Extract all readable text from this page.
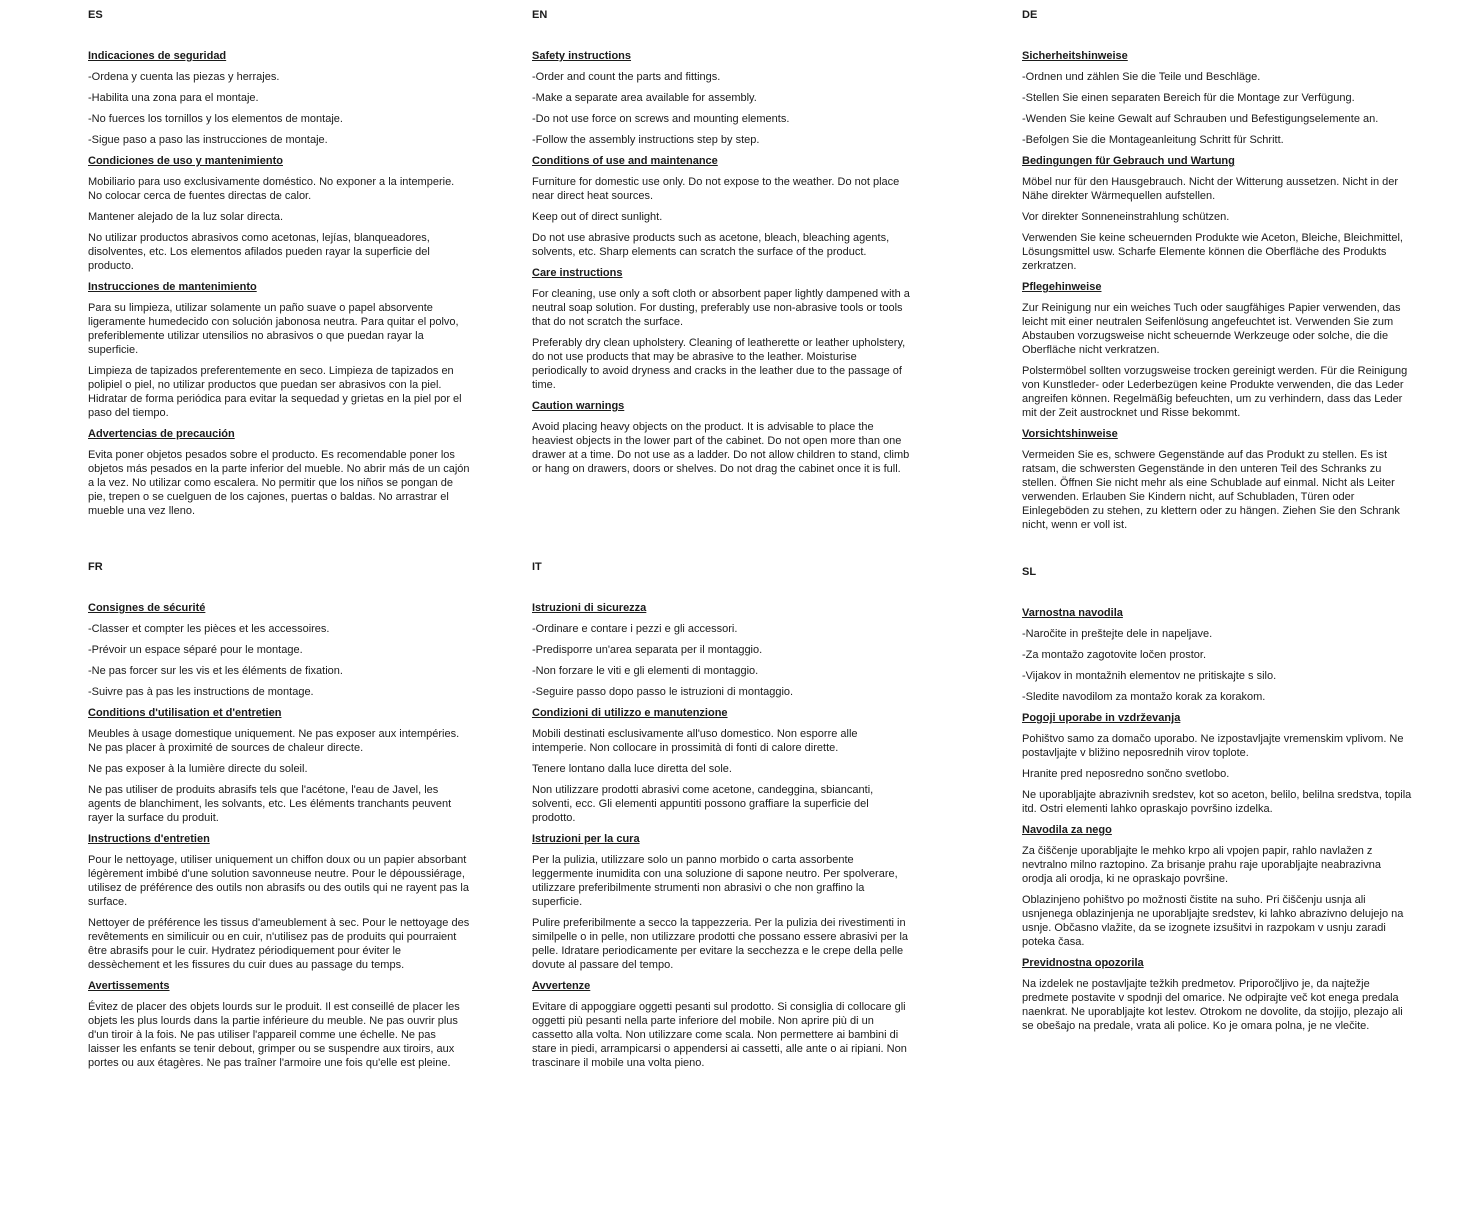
ES
Indicaciones de seguridad

-Ordena y cuenta las piezas y herrajes.

-Habilita una zona para el montaje.

-No fuerces los tornillos y los elementos de montaje.

-Sigue paso a paso las instrucciones de montaje.

Condiciones de uso y mantenimiento

Mobiliario para uso exclusivamente doméstico. No exponer a la intemperie. No colocar cerca de fuentes directas de calor.

Mantener alejado de la luz solar directa.

No utilizar productos abrasivos como acetonas, lejías, blanqueadores, disolventes, etc. Los elementos afilados pueden rayar la superficie del producto.

Instrucciones de mantenimiento

Para su limpieza, utilizar solamente un paño suave o papel absorvente ligeramente humedecido con solución jabonosa neutra. Para quitar el polvo, preferiblemente utilizar utensilios no abrasivos o que puedan rayar la superficie.

Limpieza de tapizados preferentemente en seco. Limpieza de tapizados en polipiel o piel, no utilizar productos que puedan ser abrasivos con la piel. Hidratar de forma periódica para evitar la sequedad y grietas en la piel por el paso del tiempo.

Advertencias de precaución

Evita poner objetos pesados sobre el producto. Es recomendable poner los objetos más pesados en la parte inferior del mueble. No abrir más de un cajón a la vez. No utilizar como escalera. No permitir que los niños se pongan de pie, trepen o se cuelguen de los cajones, puertas o baldas. No arrastrar el mueble una vez lleno.

EN
Safety instructions

-Order and count the parts and fittings.

-Make a separate area available for assembly.

-Do not use force on screws and mounting elements.

-Follow the assembly instructions step by step.

Conditions of use and maintenance

Furniture for domestic use only. Do not expose to the weather. Do not place near direct heat sources.

Keep out of direct sunlight.

Do not use abrasive products such as acetone, bleach, bleaching agents, solvents, etc. Sharp elements can scratch the surface of the product.

Care instructions

For cleaning, use only a soft cloth or absorbent paper lightly dampened with a neutral soap solution. For dusting, preferably use non-abrasive tools or tools that do not scratch the surface.

Preferably dry clean upholstery. Cleaning of leatherette or leather upholstery, do not use products that may be abrasive to the leather. Moisturise periodically to avoid dryness and cracks in the leather due to the passage of time.

Caution warnings

Avoid placing heavy objects on the product. It is advisable to place the heaviest objects in the lower part of the cabinet. Do not open more than one drawer at a time. Do not use as a ladder. Do not allow children to stand, climb or hang on drawers, doors or shelves. Do not drag the cabinet once it is full.

DE
Sicherheitshinweise

-Ordnen und zählen Sie die Teile und Beschläge.

-Stellen Sie einen separaten Bereich für die Montage zur Verfügung.

-Wenden Sie keine Gewalt auf Schrauben und Befestigungselemente an.

-Befolgen Sie die Montageanleitung Schritt für Schritt.

Bedingungen für Gebrauch und Wartung

Möbel nur für den Hausgebrauch. Nicht der Witterung aussetzen. Nicht in der Nähe direkter Wärmequellen aufstellen.

Vor direkter Sonneneinstrahlung schützen.

Verwenden Sie keine scheuernden Produkte wie Aceton, Bleiche, Bleichmittel, Lösungsmittel usw. Scharfe Elemente können die Oberfläche des Produkts zerkratzen.

Pflegehinweise

Zur Reinigung nur ein weiches Tuch oder saugfähiges Papier verwenden, das leicht mit einer neutralen Seifenlösung angefeuchtet ist. Verwenden Sie zum Abstauben vorzugsweise nicht scheuernde Werkzeuge oder solche, die die Oberfläche nicht verkratzen.

Polstermöbel sollten vorzugsweise trocken gereinigt werden. Für die Reinigung von Kunstleder- oder Lederbezügen keine Produkte verwenden, die das Leder angreifen können. Regelmäßig befeuchten, um zu verhindern, dass das Leder mit der Zeit austrocknet und Risse bekommt.

Vorsichtshinweise

Vermeiden Sie es, schwere Gegenstände auf das Produkt zu stellen. Es ist ratsam, die schwersten Gegenstände in den unteren Teil des Schranks zu stellen. Öffnen Sie nicht mehr als eine Schublade auf einmal. Nicht als Leiter verwenden. Erlauben Sie Kindern nicht, auf Schubladen, Türen oder Einlegeböden zu stehen, zu klettern oder zu hängen. Ziehen Sie den Schrank nicht, wenn er voll ist.

FR
Consignes de sécurité

-Classer et compter les pièces et les accessoires.

-Prévoir un espace séparé pour le montage.

-Ne pas forcer sur les vis et les éléments de fixation.

-Suivre pas à pas les instructions de montage.

Conditions d'utilisation et d'entretien

Meubles à usage domestique uniquement. Ne pas exposer aux intempéries. Ne pas placer à proximité de sources de chaleur directe.

Ne pas exposer à la lumière directe du soleil.

Ne pas utiliser de produits abrasifs tels que l'acétone, l'eau de Javel, les agents de blanchiment, les solvants, etc. Les éléments tranchants peuvent rayer la surface du produit.

Instructions d'entretien

Pour le nettoyage, utiliser uniquement un chiffon doux ou un papier absorbant légèrement imbibé d'une solution savonneuse neutre. Pour le dépoussiérage, utilisez de préférence des outils non abrasifs ou des outils qui ne rayent pas la surface.

Nettoyer de préférence les tissus d'ameublement à sec. Pour le nettoyage des revêtements en similicuir ou en cuir, n'utilisez pas de produits qui pourraient être abrasifs pour le cuir. Hydratez périodiquement pour éviter le dessèchement et les fissures du cuir dues au passage du temps.

Avertissements

Évitez de placer des objets lourds sur le produit. Il est conseillé de placer les objets les plus lourds dans la partie inférieure du meuble. Ne pas ouvrir plus d'un tiroir à la fois. Ne pas utiliser l'appareil comme une échelle. Ne pas laisser les enfants se tenir debout, grimper ou se suspendre aux tiroirs, aux portes ou aux étagères. Ne pas traîner l'armoire une fois qu'elle est pleine.

IT
Istruzioni di sicurezza

-Ordinare e contare i pezzi e gli accessori.

-Predisporre un'area separata per il montaggio.

-Non forzare le viti e gli elementi di montaggio.

-Seguire passo dopo passo le istruzioni di montaggio.

Condizioni di utilizzo e manutenzione

Mobili destinati esclusivamente all'uso domestico. Non esporre alle intemperie. Non collocare in prossimità di fonti di calore dirette.

Tenere lontano dalla luce diretta del sole.

Non utilizzare prodotti abrasivi come acetone, candeggina, sbiancanti, solventi, ecc. Gli elementi appuntiti possono graffiare la superficie del prodotto.

Istruzioni per la cura

Per la pulizia, utilizzare solo un panno morbido o carta assorbente leggermente inumidita con una soluzione di sapone neutro. Per spolverare, utilizzare preferibilmente strumenti non abrasivi o che non graffino la superficie.

Pulire preferibilmente a secco la tappezzeria. Per la pulizia dei rivestimenti in similpelle o in pelle, non utilizzare prodotti che possano essere abrasivi per la pelle. Idratare periodicamente per evitare la secchezza e le crepe della pelle dovute al passare del tempo.

Avvertenze

Evitare di appoggiare oggetti pesanti sul prodotto. Si consiglia di collocare gli oggetti più pesanti nella parte inferiore del mobile. Non aprire più di un cassetto alla volta. Non utilizzare come scala. Non permettere ai bambini di stare in piedi, arrampicarsi o appendersi ai cassetti, alle ante o ai ripiani. Non trascinare il mobile una volta pieno.

SL
Varnostna navodila

-Naročite in preštejte dele in napeljave.

-Za montažo zagotovite ločen prostor.

-Vijakov in montažnih elementov ne pritiskajte s silo.

-Sledite navodilom za montažo korak za korakom.

Pogoji uporabe in vzdrževanja

Pohištvo samo za domačo uporabo. Ne izpostavljajte vremenskim vplivom. Ne postavljajte v bližino neposrednih virov toplote.

Hranite pred neposredno sončno svetlobo.

Ne uporabljajte abrazivnih sredstev, kot so aceton, belilo, belilna sredstva, topila itd. Ostri elementi lahko opraskajo površino izdelka.

Navodila za nego

Za čiščenje uporabljajte le mehko krpo ali vpojen papir, rahlo navlažen z nevtralno milno raztopino. Za brisanje prahu raje uporabljajte neabrazivna orodja ali orodja, ki ne opraskajo površine.

Oblazinjeno pohištvo po možnosti čistite na suho. Pri čiščenju usnja ali usnjenega oblazinjenja ne uporabljajte sredstev, ki lahko abrazivno delujejo na usnje. Občasno vlažite, da se izognete izsušitvi in razpokam v usnju zaradi poteka časa.

Previdnostna opozorila

Na izdelek ne postavljajte težkih predmetov. Priporočljivo je, da najtežje predmete postavite v spodnji del omarice. Ne odpirajte več kot enega predala naenkrat. Ne uporabljajte kot lestev. Otrokom ne dovolite, da stojijo, plezajo ali se obešajo na predale, vrata ali police. Ko je omara polna, je ne vlečite.
